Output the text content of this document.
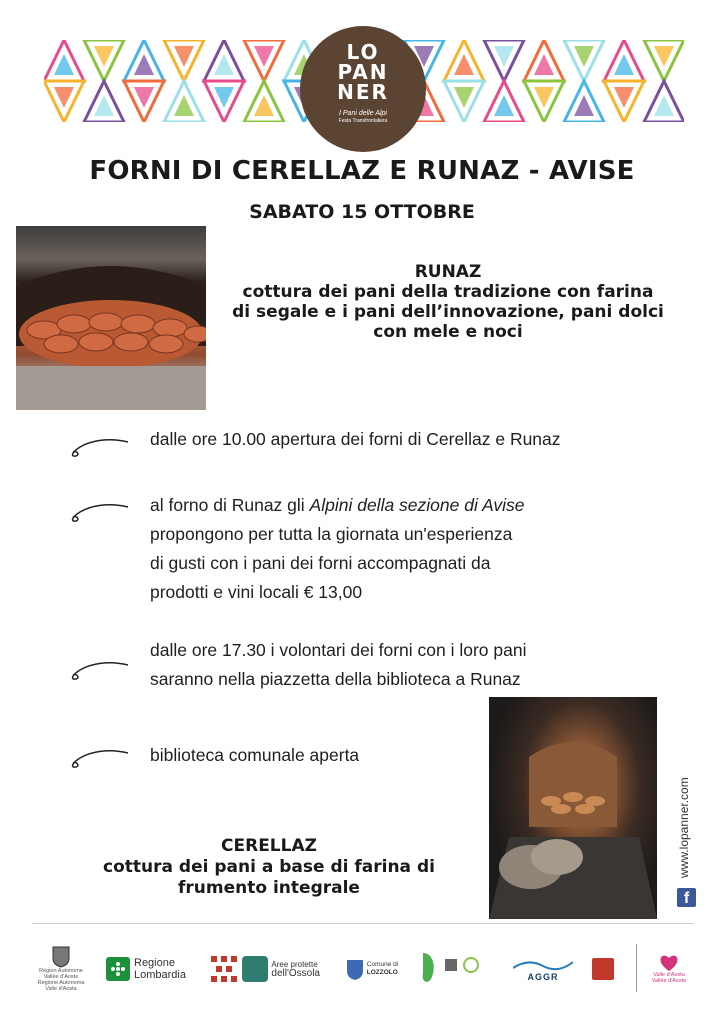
LO
PAN
NER
I Pani delle Alpi
Festa Transfrontaliera
FORNI DI CERELLAZ E RUNAZ - AVISE
SABATO 15 OTTOBRE
RUNAZ
cottura dei pani della tradizione con farina
di segale e i pani dell’innovazione, pani dolci
con mele e noci
dalle ore 10.00 apertura dei forni di Cerellaz e Runaz
al forno di Runaz gli Alpini della sezione di Avise
propongono per tutta la giornata un'esperienza
di gusti con i pani dei forni accompagnati da
prodotti e vini locali € 13,00
dalle ore 17.30 i volontari dei forni con i loro pani
saranno nella piazzetta della biblioteca a Runaz
biblioteca comunale aperta
CERELLAZ
cottura dei pani a base di farina di
frumento integrale
www.lopanner.com
f
Région Autonome
Vallée d'Aoste
Regione Autonoma
Valle d'Aosta
Regione
Lombardia
Aree protette
dell'Ossola
Comune di
LOZZOLO	AGGR	Valle d'Aosta
Vallée d'Aoste
